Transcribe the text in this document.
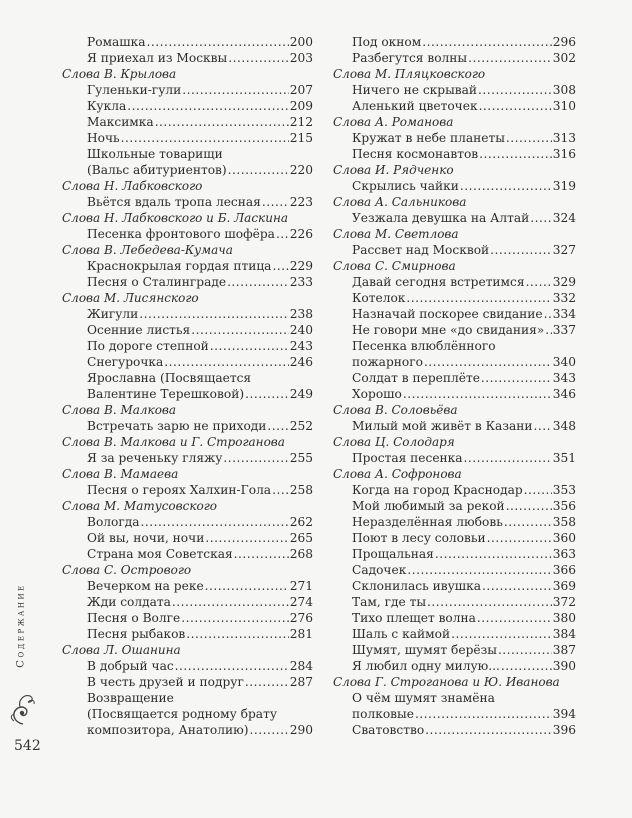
Ромашка .....	200
Я приехал из Москвы .....	203
Слова В. Крылова
Гуленьки-гули .....	207
Кукла .....	209
Максимка .....	212
Ночь .....	215
Школьные товарищи
(Вальс абитуриентов) .....	220
Слова Н. Лабковского
Вьётся вдаль тропа лесная ..... 223
Слова Н. Лабковского и Б. Ласкина
Песенка фронтового шофёра ..... 226
Слова В. Лебедева-Кумача
Краснокрылая гордая птица ..... 229
Песня о Сталинграде .....	233
Слова М. Лисянского
Жигули .....	238
Осенние листья .....	240
По дороге степной .....	243
Снегурочка .....	246
Ярославна (Посвящается
Валентине Терешковой) .....	249
Слова В. Малкова
Встречать зарю не приходи ..... 252
Слова В. Малкова и Г. Строганова
Я за реченьку гляжу .....	255
Слова В. Мамаева
Песня о героях Халхин-Гола ..... 258
Слова М. Матусовского
Вологда .....	262
Ой вы, ночи, ночи .....	265
Страна моя Советская .....	268
Слова С. Острового
Вечерком на реке .....	271
Жди солдата .....	274
Песня о Волге .....	276
Песня рыбаков .....	281
Слова Л. Ошанина
В добрый час .....	284
В честь друзей и подруг .....	287
Возвращение
(Посвящается родному брату
композитора, Анатолию) .....	290
Под окном .....	296
Разбегутся волны .....	302
Слова М. Пляцковского
Ничего не скрывай .....	308
Аленький цветочек .....	310
Слова А. Романова
Кружат в небе планеты .....	313
Песня космонавтов .....	316
Слова И. Рядченко
Скрылись чайки .....	319
Слова А. Сальникова
Уезжала девушка на Алтай ..... 324
Слова М. Светлова
Рассвет над Москвой .....	327
Слова С. Смирнова
Давай сегодня встретимся ..... 329
Котелок .....	332
Назначай поскорее свидание ..... 334
Не говори мне «до свидания» ..... 337
Песенка влюблённого
пожарного .....	340
Солдат в переплёте .....	343
Хорошо .....	346
Слова В. Соловьёва
Милый мой живёт в Казани ..... 348
Слова Ц. Солодаря
Простая песенка .....	351
Слова А. Софронова
Когда на город Краснодар ..... 353
Мой любимый за рекой .....	356
Неразделённая любовь .....	358
Поют в лесу соловьи .....	360
Прощальная .....	363
Садочек .....	366
Склонилась ивушка .....	369
Там, где ты .....	372
Тихо плещет волна .....	380
Шаль с каймой .....	384
Шумят, шумят берёзы .....	387
Я любил одну милую... .....	390
Слова Г. Строганова и Ю. Иванова
О чём шумят знамёна
полковые .....	394
Сватовство .....	396
Содержание
542
